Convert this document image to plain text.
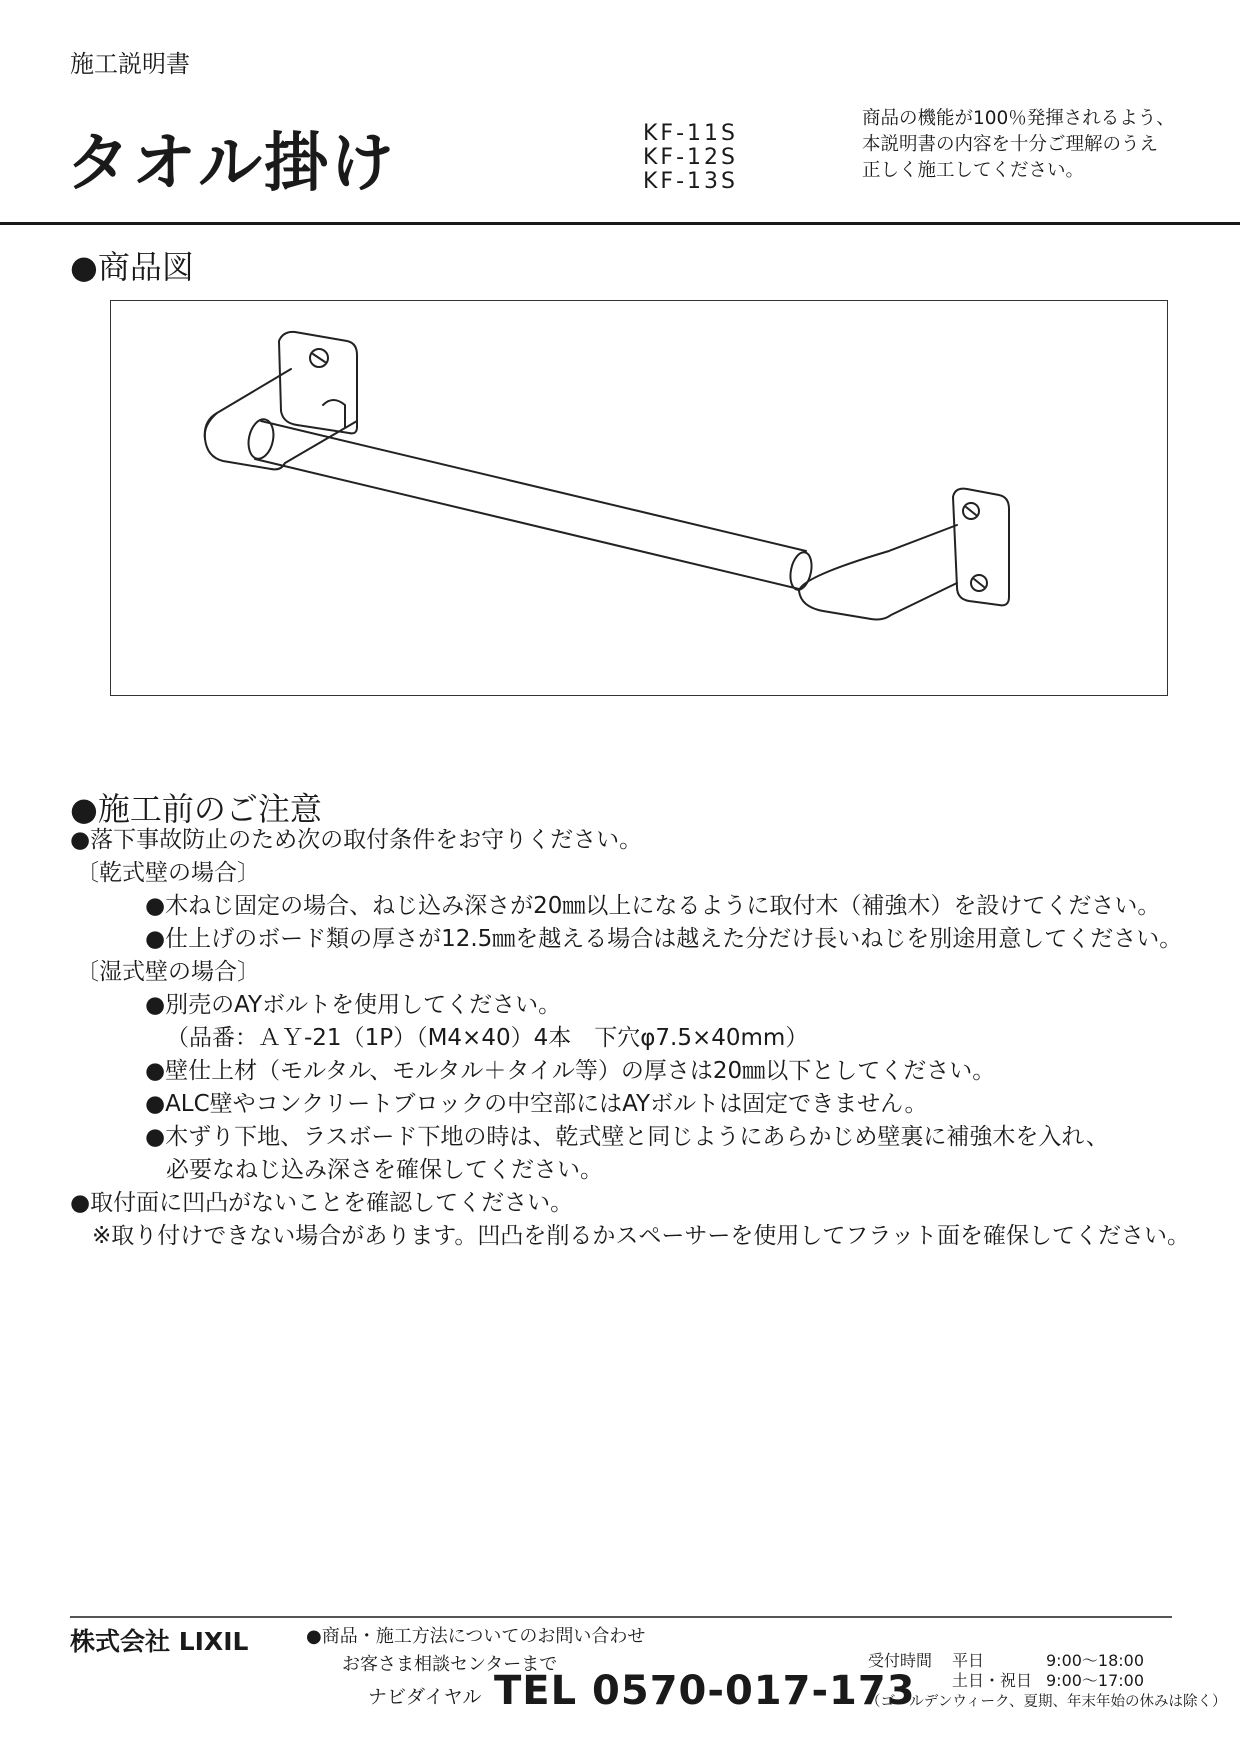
施工説明書
タオル掛け	KF-11S
KF-12S
KF-13S
商品の機能が100％発揮されるよう、
本説明書の内容を十分ご理解のうえ
正しく施工してください。
●商品図
●施工前のご注意
●落下事故防止のため次の取付条件をお守りください。
〔乾式壁の場合〕
●木ねじ固定の場合、ねじ込み深さが20㎜以上になるように取付木（補強木）を設けてください。
●仕上げのボード類の厚さが12.5㎜を越える場合は越えた分だけ長いねじを別途用意してください。
〔湿式壁の場合〕
●別売のAYボルトを使用してください。
（品番：ＡＹ-21（1P）（M4×40）4本　下穴φ7.5×40mm）
●壁仕上材（モルタル、モルタル＋タイル等）の厚さは20㎜以下としてください。
●ALC壁やコンクリートブロックの中空部にはAYボルトは固定できません。
●木ずり下地、ラスボード下地の時は、乾式壁と同じようにあらかじめ壁裏に補強木を入れ、
必要なねじ込み深さを確保してください。
●取付面に凹凸がないことを確認してください。
※取り付けできない場合があります。凹凸を削るかスペーサーを使用してフラット面を確保してください。
株式会社 LIXIL	●商品・施工方法についてのお問い合わせ
お客さま相談センターまで
ナビダイヤル TEL 0570-017-173
受付時間 平日	9:00〜18:00
土日・祝日 9:00〜17:00
（ゴールデンウィーク、夏期、年末年始の休みは除く）
